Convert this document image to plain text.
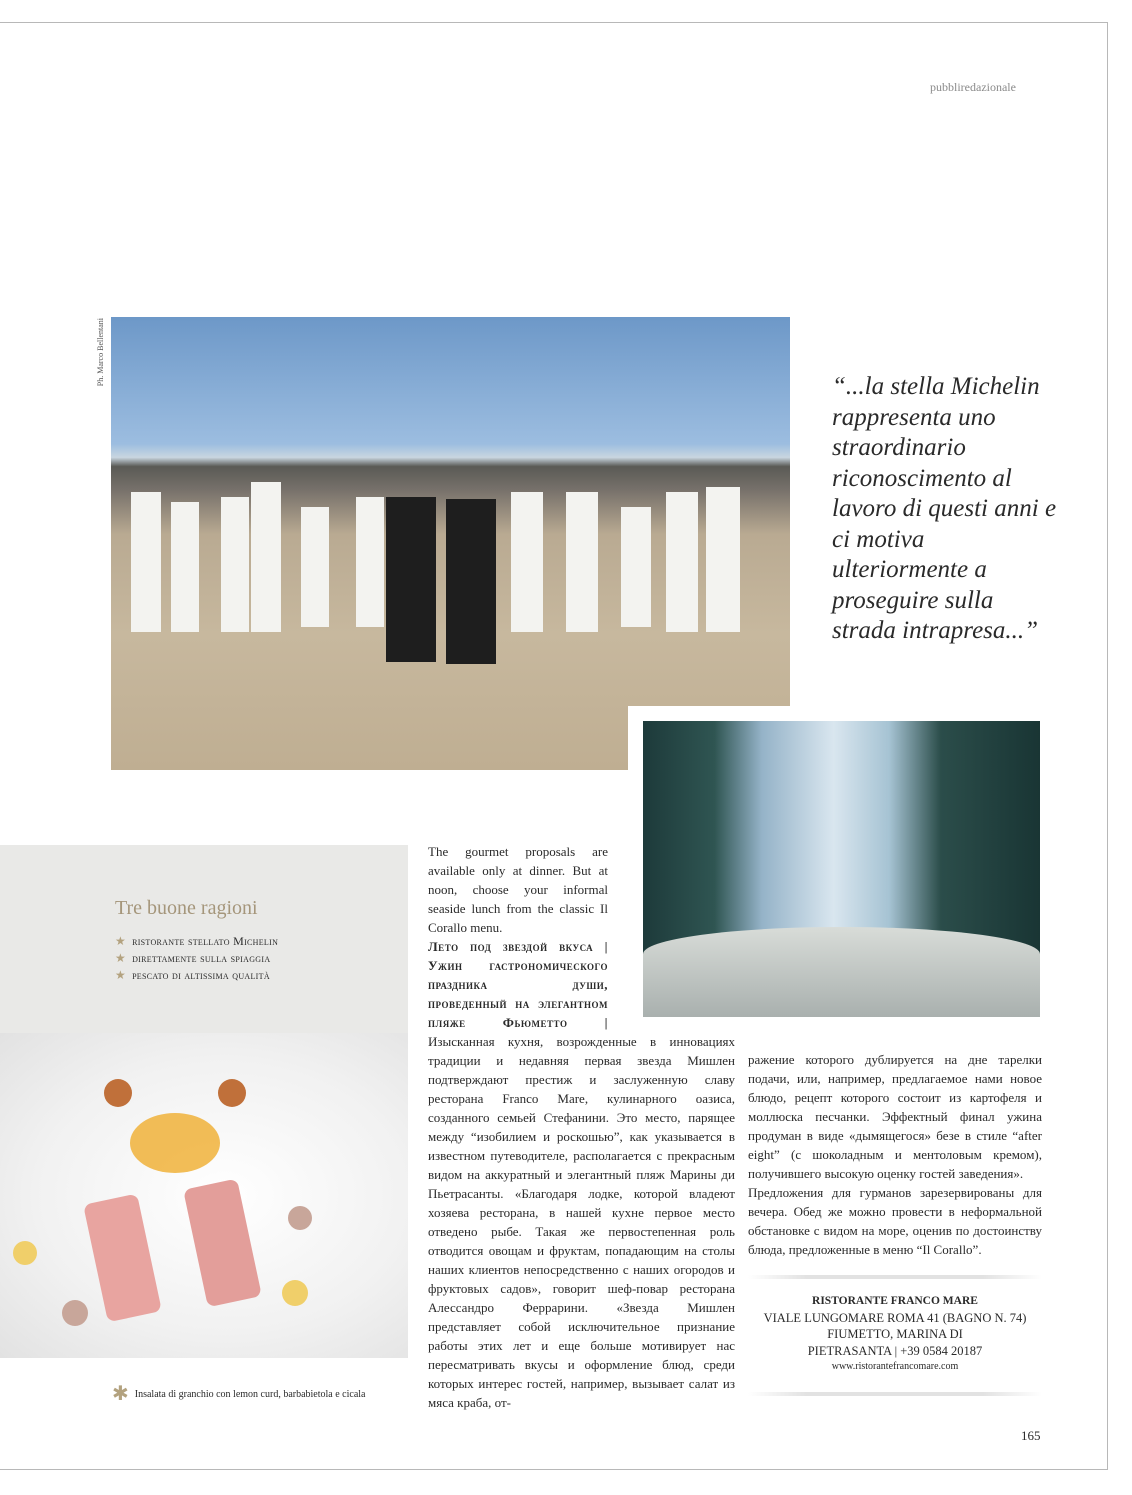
pubbliredazionale
Ph. Marco Bellentani
“...la stella Michelin rappresenta uno straordinario riconoscimento al lavoro di questi anni e ci motiva ulteriormente a proseguire sulla strada intrapresa...”
Tre buone ragioni
★ ristorante stellato Michelin
★ direttamente sulla spiaggia
★ pescato di altissima qualità
✱ Insalata di granchio con lemon curd, barbabietola e cicala
The gourmet proposals are available only at dinner. But at noon, choose your informal seaside lunch from the classic Il Corallo menu.
Лето под звездой вкуса | Ужин гастрономического праздника души, проведенный на элегантном пляже Фьюметто | Изысканная кухня, возрожденные в инновациях традиции и недавняя первая звезда Мишлен подтверждают престиж и заслуженную славу ресторана Franco Mare, кулинарного оазиса, созданного семьей Стефанини. Это место, парящее между “изобилием и роскошью”, как указывается в известном путеводителе, располагается с прекрасным видом на аккуратный и элегантный пляж Марины ди Пьетрасанты. «Благодаря лодке, которой владеют хозяева ресторана, в нашей кухне первое место отведено рыбе. Такая же первостепенная роль отводится овощам и фруктам, попадающим на столы наших клиентов непосредственно с наших огородов и фруктовых садов», говорит шеф-повар ресторана Алессандро Феррарини. «Звезда Мишлен представляет собой исключительное признание работы этих лет и еще больше мотивирует нас пересматривать вкусы и оформление блюд, среди которых интерес гостей, например, вызывает салат из мяса краба, от-
ражение которого дублируется на дне тарелки подачи, или, например, предлагаемое нами новое блюдо, рецепт которого состоит из картофеля и моллюска песчанки. Эффектный финал ужина продуман в виде «дымящегося» безе в стиле “after eight” (с шоколадным и ментоловым кремом), получившего высокую оценку гостей заведения».
Предложения для гурманов зарезервированы для вечера. Обед же можно провести в неформальной обстановке с видом на море, оценив по достоинству блюда, предложенные в меню “Il Corallo”.
RISTORANTE FRANCO MARE
VIALE LUNGOMARE ROMA 41 (BAGNO N. 74)
FIUMETTO, MARINA DI
PIETRASANTA | +39 0584 20187
www.ristorantefrancomare.com
165
